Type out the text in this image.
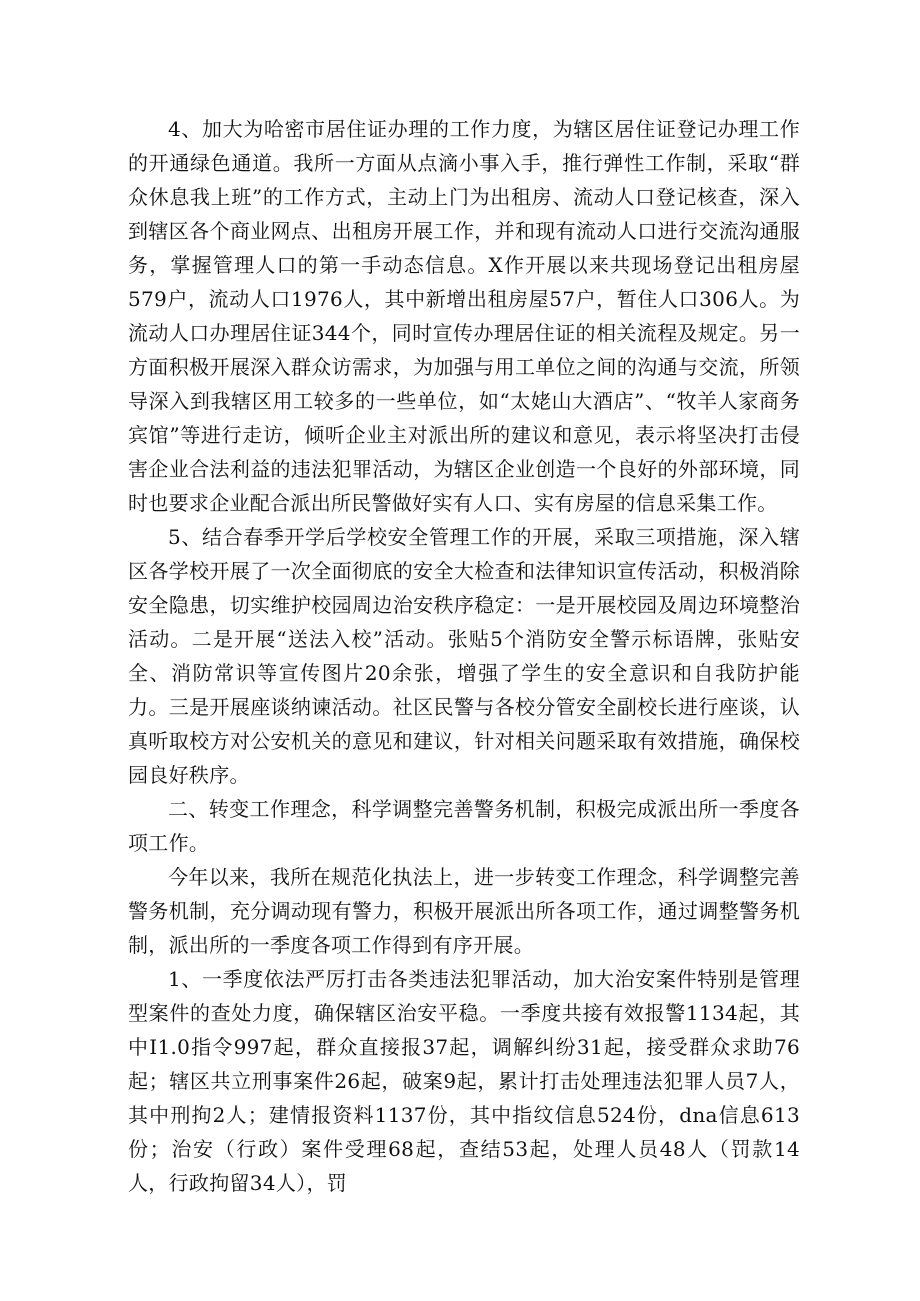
4、加大为哈密市居住证办理的工作力度，为辖区居住证登记办理工作的开通绿色通道。我所一方面从点滴小事入手，推行弹性工作制，采取“群众休息我上班”的工作方式，主动上门为出租房、流动人口登记核查，深入到辖区各个商业网点、出租房开展工作，并和现有流动人口进行交流沟通服务，掌握管理人口的第一手动态信息。X作开展以来共现场登记出租房屋579户，流动人口1976人，其中新增出租房屋57户，暂住人口306人。为流动人口办理居住证344个，同时宣传办理居住证的相关流程及规定。另一方面积极开展深入群众访需求，为加强与用工单位之间的沟通与交流，所领导深入到我辖区用工较多的一些单位，如“太姥山大酒店”、“牧羊人家商务宾馆”等进行走访，倾听企业主对派出所的建议和意见，表示将坚决打击侵害企业合法利益的违法犯罪活动，为辖区企业创造一个良好的外部环境，同时也要求企业配合派出所民警做好实有人口、实有房屋的信息采集工作。

5、结合春季开学后学校安全管理工作的开展，采取三项措施，深入辖区各学校开展了一次全面彻底的安全大检查和法律知识宣传活动，积极消除安全隐患，切实维护校园周边治安秩序稳定：一是开展校园及周边环境整治活动。二是开展“送法入校”活动。张贴5个消防安全警示标语牌，张贴安全、消防常识等宣传图片20余张，增强了学生的安全意识和自我防护能力。三是开展座谈纳谏活动。社区民警与各校分管安全副校长进行座谈，认真听取校方对公安机关的意见和建议，针对相关问题采取有效措施，确保校园良好秩序。

二、转变工作理念，科学调整完善警务机制，积极完成派出所一季度各项工作。

今年以来，我所在规范化执法上，进一步转变工作理念，科学调整完善警务机制，充分调动现有警力，积极开展派出所各项工作，通过调整警务机制，派出所的一季度各项工作得到有序开展。

1、一季度依法严厉打击各类违法犯罪活动，加大治安案件特别是管理型案件的查处力度，确保辖区治安平稳。一季度共接有效报警1134起，其中I1.0指令997起，群众直接报37起，调解纠纷31起，接受群众求助76起；辖区共立刑事案件26起，破案9起，累计打击处理违法犯罪人员7人，其中刑拘2人；建情报资料1137份，其中指纹信息524份，dna信息613份；治安（行政）案件受理68起，查结53起，处理人员48人（罚款14人，行政拘留34人），罚
